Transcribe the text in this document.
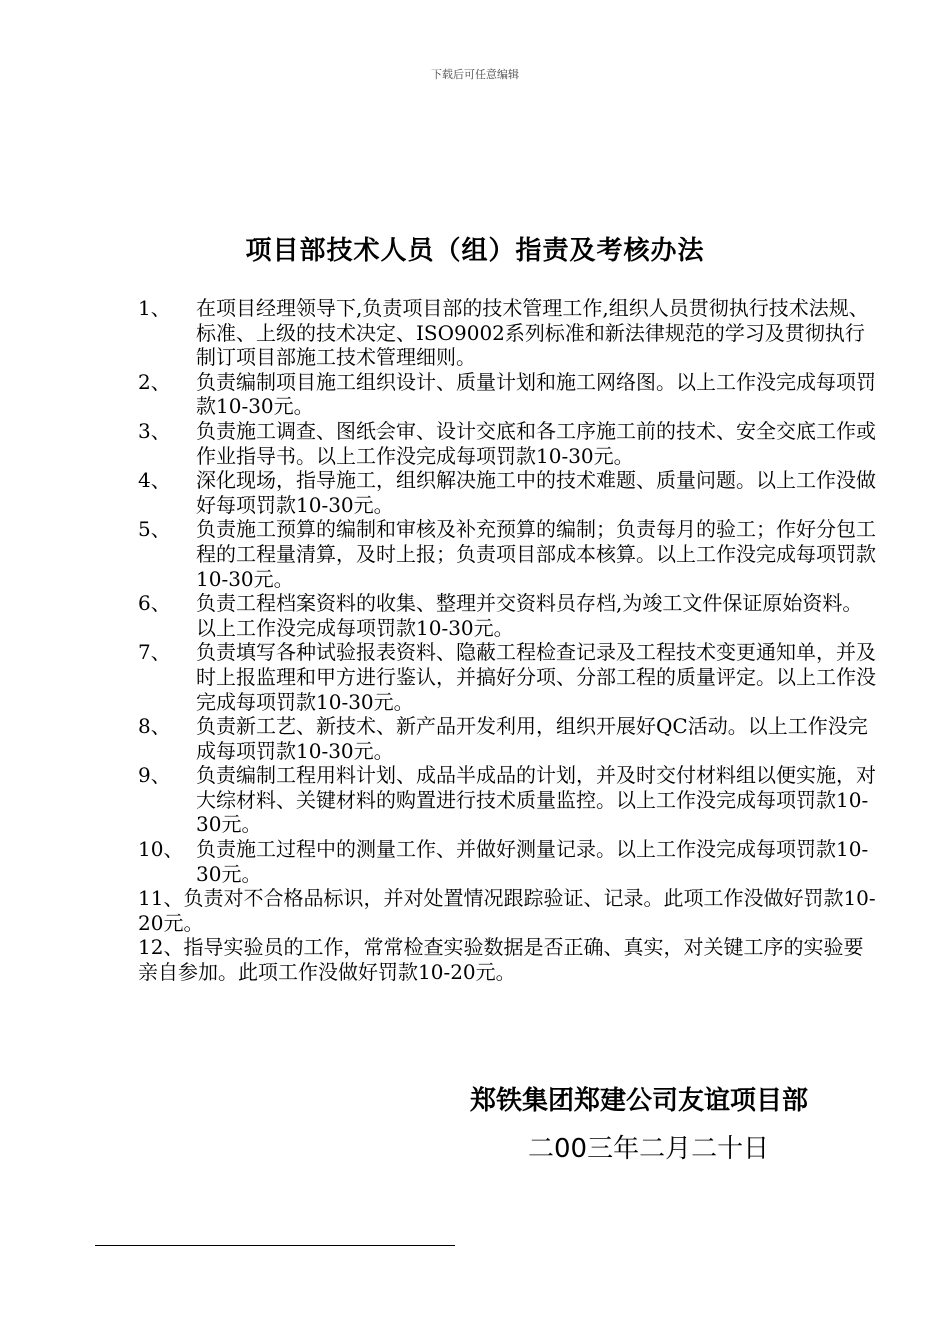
下载后可任意编辑
项目部技术人员（组）指责及考核办法
1、	在项目经理领导下,负责项目部的技术管理工作,组织人员贯彻执行技术法规、标准、上级的技术决定、ISO9002系列标准和新法律规范的学习及贯彻执行制订项目部施工技术管理细则。
2、	负责编制项目施工组织设计、质量计划和施工网络图。以上工作没完成每项罚款10-30元。
3、	负责施工调查、图纸会审、设计交底和各工序施工前的技术、安全交底工作或作业指导书。以上工作没完成每项罚款10-30元。
4、	深化现场，指导施工，组织解决施工中的技术难题、质量问题。以上工作没做好每项罚款10-30元。
5、	负责施工预算的编制和审核及补充预算的编制；负责每月的验工；作好分包工程的工程量清算，及时上报；负责项目部成本核算。以上工作没完成每项罚款10-30元。
6、	负责工程档案资料的收集、整理并交资料员存档,为竣工文件保证原始资料。以上工作没完成每项罚款10-30元。
7、	负责填写各种试验报表资料、隐蔽工程检查记录及工程技术变更通知单，并及时上报监理和甲方进行鉴认，并搞好分项、分部工程的质量评定。以上工作没完成每项罚款10-30元。
8、	负责新工艺、新技术、新产品开发利用，组织开展好QC活动。以上工作没完成每项罚款10-30元。
9、	负责编制工程用料计划、成品半成品的计划，并及时交付材料组以便实施，对大综材料、关键材料的购置进行技术质量监控。以上工作没完成每项罚款10-30元。
10、 负责施工过程中的测量工作、并做好测量记录。以上工作没完成每项罚款10-30元。
11、负责对不合格品标识，并对处置情况跟踪验证、记录。此项工作没做好罚款10-20元。
12、指导实验员的工作，常常检查实验数据是否正确、真实，对关键工序的实验要亲自参加。此项工作没做好罚款10-20元。
郑铁集团郑建公司友谊项目部
二00三年二月二十日
